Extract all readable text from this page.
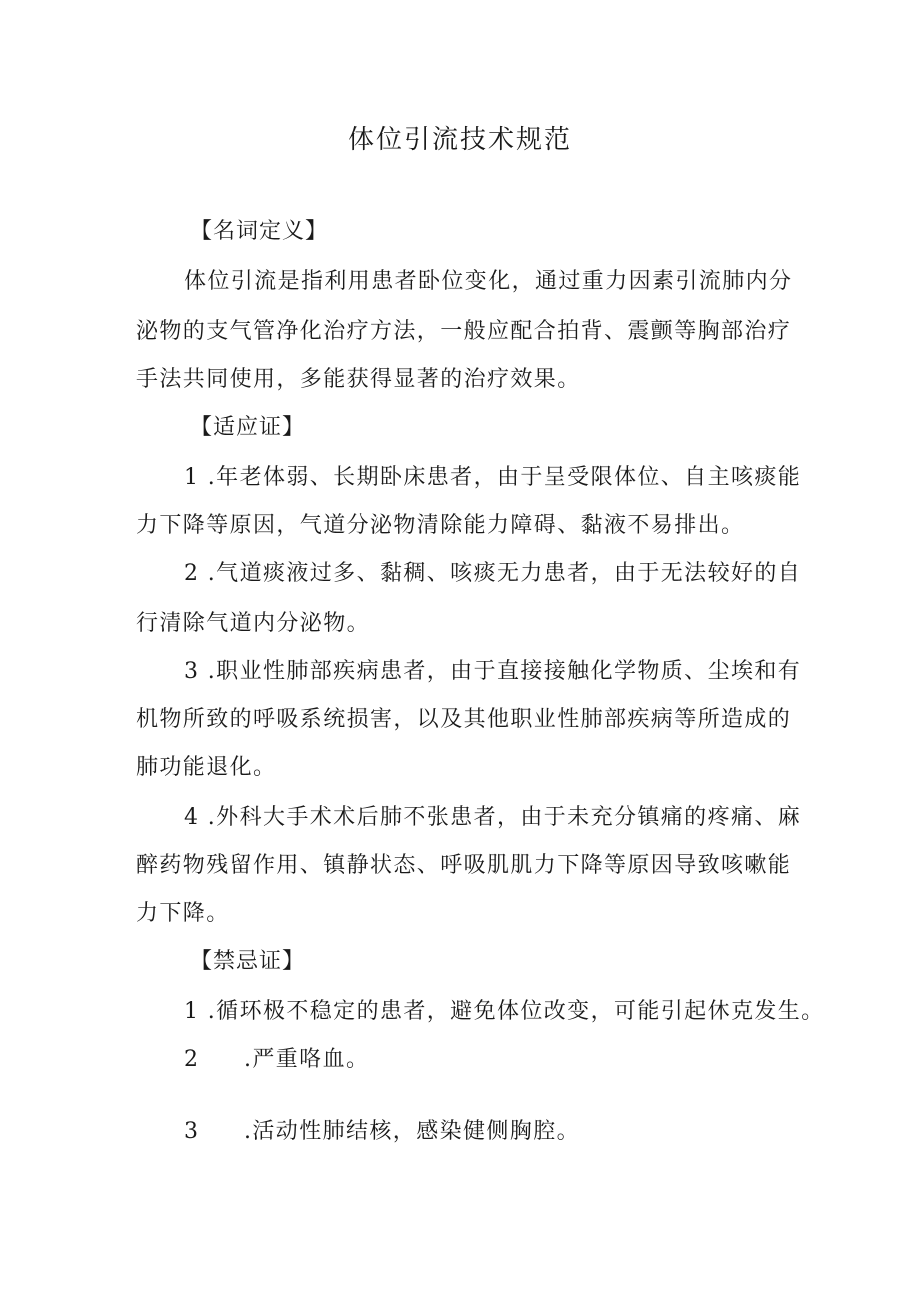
体位引流技术规范
【名词定义】
体位引流是指利用患者卧位变化，通过重力因素引流肺内分
泌物的支气管净化治疗方法，一般应配合拍背、震颤等胸部治疗
手法共同使用，多能获得显著的治疗效果。
【适应证】
1 .年老体弱、长期卧床患者，由于呈受限体位、自主咳痰能
力下降等原因，气道分泌物清除能力障碍、黏液不易排出。
2 .气道痰液过多、黏稠、咳痰无力患者，由于无法较好的自
行清除气道内分泌物。
3 .职业性肺部疾病患者，由于直接接触化学物质、尘埃和有
机物所致的呼吸系统损害，以及其他职业性肺部疾病等所造成的
肺功能退化。
4 .外科大手术术后肺不张患者，由于未充分镇痛的疼痛、麻
醉药物残留作用、镇静状态、呼吸肌肌力下降等原因导致咳嗽能
力下降。
【禁忌证】
1 .循环极不稳定的患者，避免体位改变，可能引起休克发生。
2 .严重咯血。
3 .活动性肺结核，感染健侧胸腔。
